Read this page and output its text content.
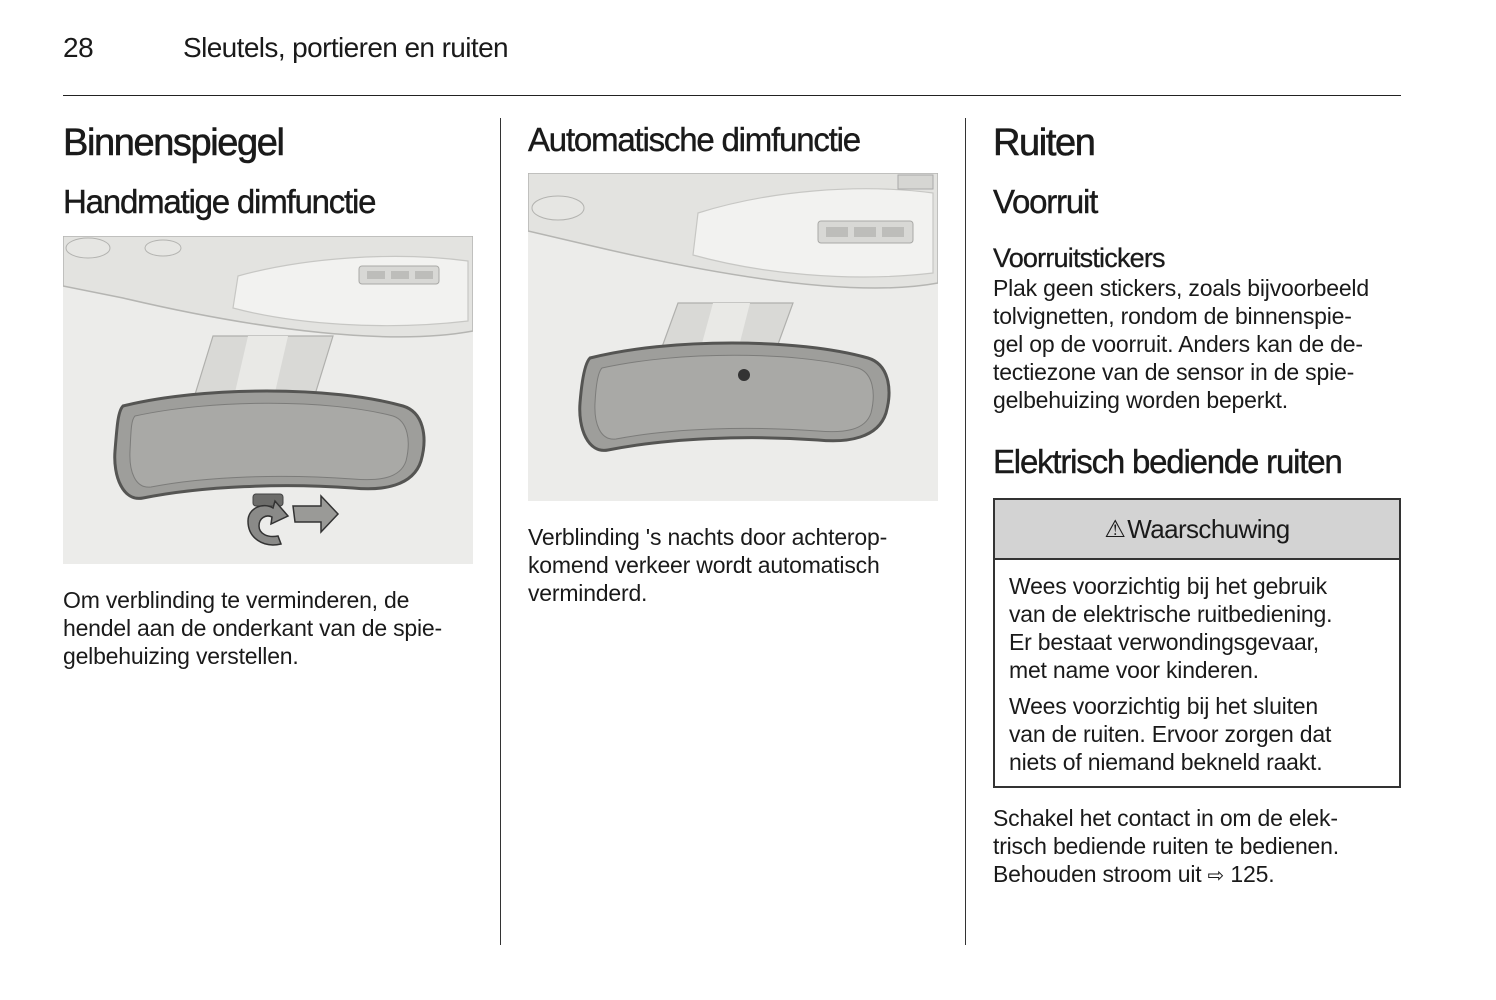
28	Sleutels, portieren en ruiten
Binnenspiegel
Handmatige dimfunctie

Om verblinding te verminderen, de
hendel aan de onderkant van de spie-
gelbehuizing verstellen.

Automatische dimfunctie

Verblinding 's nachts door achterop-
komend verkeer wordt automatisch
verminderd.

Ruiten
Voorruit
Voorruitstickers

Plak geen stickers, zoals bijvoorbeeld
tolvignetten, rondom de binnenspie-
gel op de voorruit. Anders kan de de-
tectiezone van de sensor in de spie-
gelbehuizing worden beperkt.

Elektrisch bediende ruiten
⚠ Waarschuwing

Wees voorzichtig bij het gebruik
van de elektrische ruitbediening.
Er bestaat verwondingsgevaar,
met name voor kinderen.

Wees voorzichtig bij het sluiten
van de ruiten. Ervoor zorgen dat
niets of niemand bekneld raakt.

Schakel het contact in om de elek-
trisch bediende ruiten te bedienen.
Behouden stroom uit ⇨ 125.
